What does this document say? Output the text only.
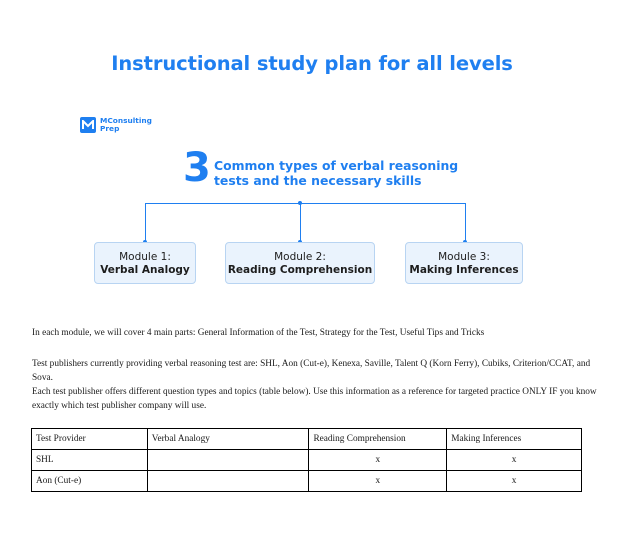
Instructional study plan for all levels
MConsulting
Prep
3 Common types of verbal reasoning
tests and the necessary skills
Module 1:
Verbal Analogy
Module 2:
Reading Comprehension
Module 3:
Making Inferences
In each module, we will cover 4 main parts: General Information of the Test, Strategy for the Test, Useful Tips and Tricks
Test publishers currently providing verbal reasoning test are: SHL, Aon (Cut-e), Kenexa, Saville, Talent Q (Korn Ferry), Cubiks, Criterion/CCAT, and Sova.
Each test publisher offers different question types and topics (table below). Use this information as a reference for targeted practice ONLY IF you know exactly which test publisher company will use.
Test Provider	Verbal Analogy	Reading Comprehension	Making Inferences
SHL		x	x
Aon (Cut-e)		x	x
